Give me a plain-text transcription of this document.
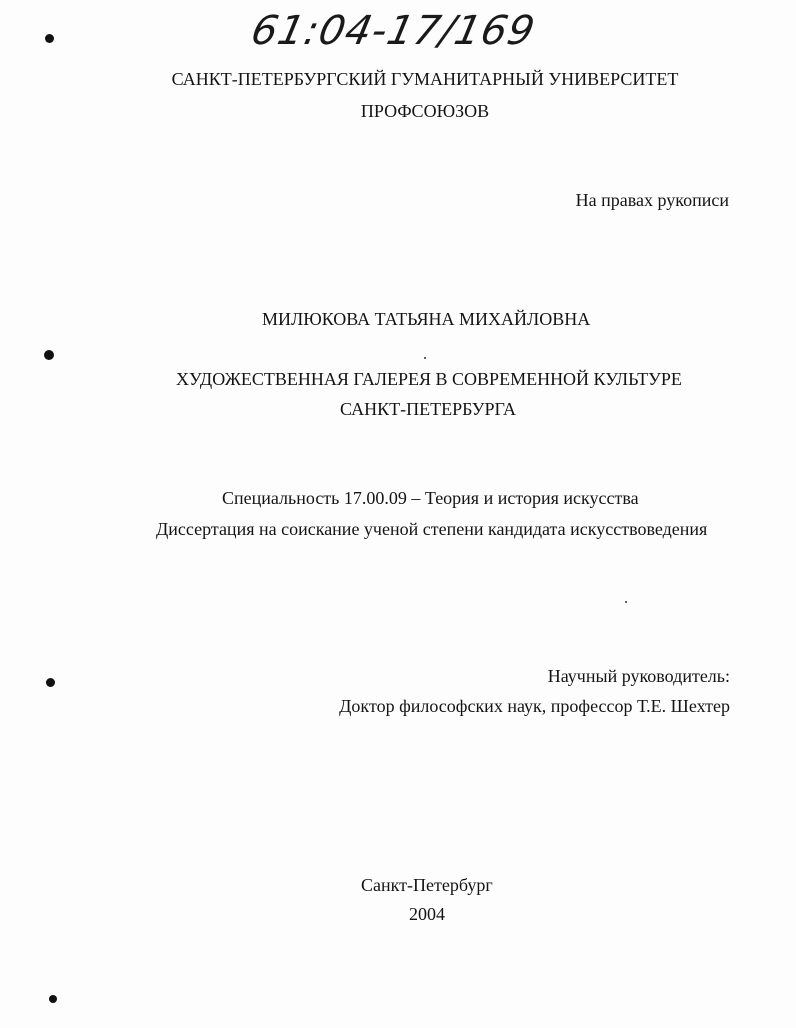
61:04-17/169
САНКТ-ПЕТЕРБУРГСКИЙ ГУМАНИТАРНЫЙ УНИВЕРСИТЕТ
ПРОФСОЮЗОВ
На правах рукописи
МИЛЮКОВА ТАТЬЯНА МИХАЙЛОВНА
ХУДОЖЕСТВЕННАЯ ГАЛЕРЕЯ В СОВРЕМЕННОЙ КУЛЬТУРЕ
САНКТ-ПЕТЕРБУРГА
Специальность 17.00.09 – Теория и история искусства
Диссертация на соискание ученой степени кандидата искусствоведения
Научный руководитель:
Доктор философских наук, профессор Т.Е. Шехтер
Санкт-Петербург
2004
